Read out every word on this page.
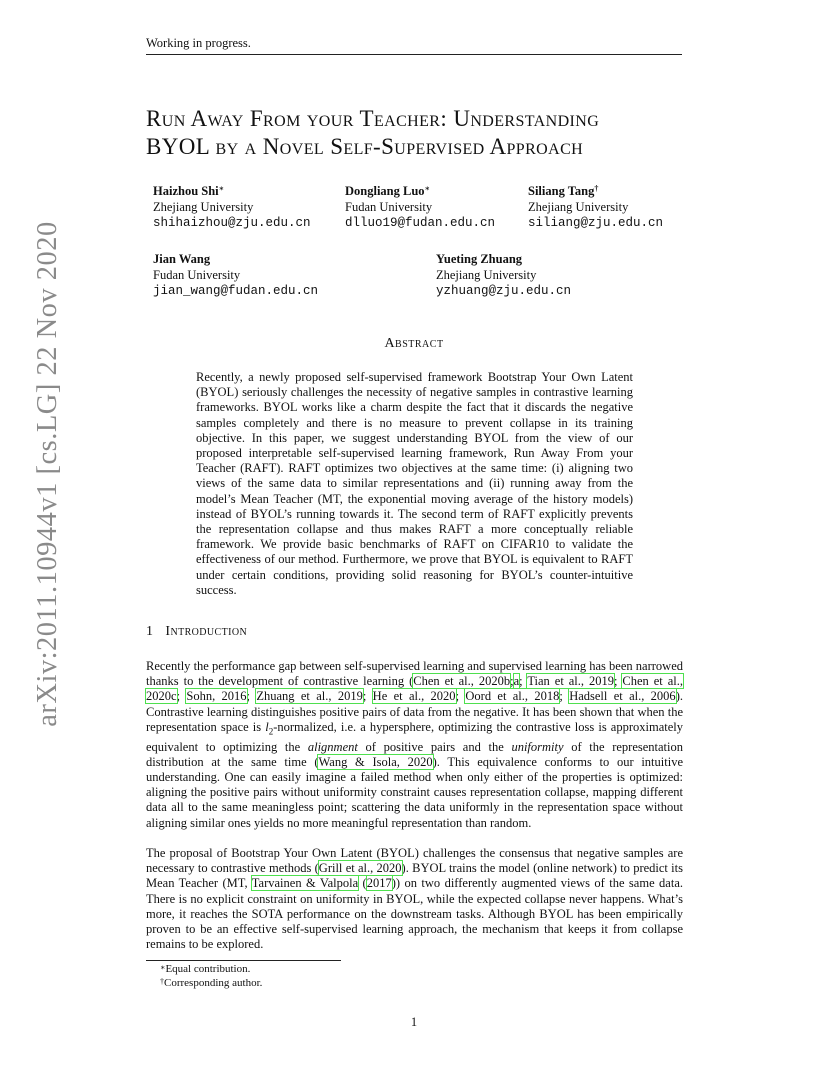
Working in progress.
arXiv:2011.10944v1 [cs.LG] 22 Nov 2020
Run Away From your Teacher: Understanding
BYOL by a Novel Self-Supervised Approach
Haizhou Shi∗
Zhejiang University
shihaizhou@zju.edu.cn
Dongliang Luo∗
Fudan University
dlluo19@fudan.edu.cn
Siliang Tang†
Zhejiang University
siliang@zju.edu.cn
Jian Wang
Fudan University
jian_wang@fudan.edu.cn
Yueting Zhuang
Zhejiang University
yzhuang@zju.edu.cn
Abstract
Recently, a newly proposed self-supervised framework Bootstrap Your Own Latent (BYOL) seriously challenges the necessity of negative samples in contrastive learning frameworks. BYOL works like a charm despite the fact that it discards the negative samples completely and there is no measure to prevent collapse in its training objective. In this paper, we suggest understanding BYOL from the view of our proposed interpretable self-supervised learning framework, Run Away From your Teacher (RAFT). RAFT optimizes two objectives at the same time: (i) aligning two views of the same data to similar representations and (ii) running away from the model’s Mean Teacher (MT, the exponential moving average of the history models) instead of BYOL’s running towards it. The second term of RAFT explicitly prevents the representation collapse and thus makes RAFT a more conceptually reliable framework. We provide basic benchmarks of RAFT on CIFAR10 to validate the effectiveness of our method. Furthermore, we prove that BYOL is equivalent to RAFT under certain conditions, providing solid reasoning for BYOL’s counter-intuitive success.
1 Introduction
Recently the performance gap between self-supervised learning and supervised learning has been narrowed thanks to the development of contrastive learning (Chen et al., 2020b;a; Tian et al., 2019; Chen et al., 2020c; Sohn, 2016; Zhuang et al., 2019; He et al., 2020; Oord et al., 2018; Hadsell et al., 2006). Contrastive learning distinguishes positive pairs of data from the negative. It has been shown that when the representation space is $l_2$-normalized, i.e. a hypersphere, optimizing the contrastive loss is approximately equivalent to optimizing the alignment of positive pairs and the uniformity of the representation distribution at the same time (Wang & Isola, 2020). This equivalence conforms to our intuitive understanding. One can easily imagine a failed method when only either of the properties is optimized: aligning the positive pairs without uniformity constraint causes representation collapse, mapping different data all to the same meaningless point; scattering the data uniformly in the representation space without aligning similar ones yields no more meaningful representation than random.
The proposal of Bootstrap Your Own Latent (BYOL) challenges the consensus that negative samples are necessary to contrastive methods (Grill et al., 2020). BYOL trains the model (online network) to predict its Mean Teacher (MT, Tarvainen & Valpola (2017)) on two differently augmented views of the same data. There is no explicit constraint on uniformity in BYOL, while the expected collapse never happens. What’s more, it reaches the SOTA performance on the downstream tasks. Although BYOL has been empirically proven to be an effective self-supervised learning approach, the mechanism that keeps it from collapse remains to be explored.
∗Equal contribution.
†Corresponding author.
1
